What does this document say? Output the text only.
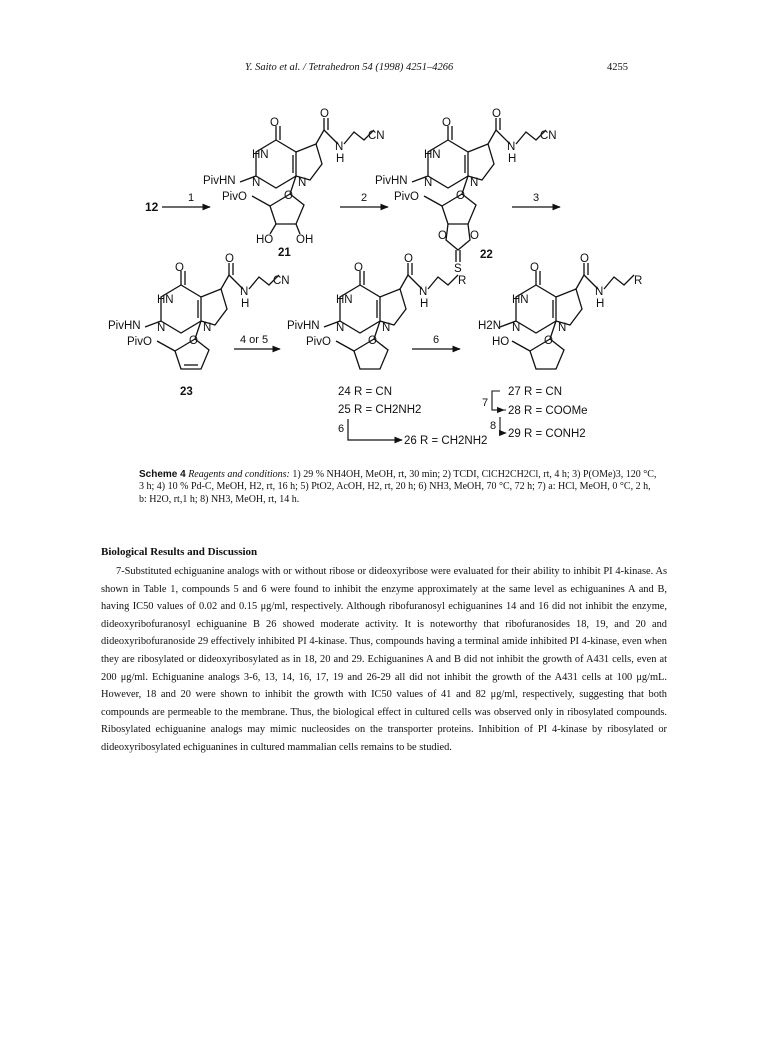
Y. Saito et al. / Tetrahedron 54 (1998) 4251–4266	4255
O
O
HN
PivHN N	N
N
H
CN
PivO	O
HO OH
21
12
1	2
O
O
HN
PivHN N	N
N
H
CN
PivO	O
O O
S
22
3
O
O
HN
PivHN N	N
N
H
CN
PivO	O
23
4 or 5
O
O
HN
PivHN N	N
N
H
R
PivO	O
24 R = CN
25 R = CH2NH2
6
26 R = CH2NH2
6
O
O
HN
H2N N	N
N
H
R
HO	O
27 R = CN
7
28 R = COOMe
8
29 R = CONH2
Scheme 4 Reagents and conditions: 1) 29 % NH4OH, MeOH, rt, 30 min; 2) TCDI, ClCH2CH2Cl, rt, 4 h; 3) P(OMe)3, 120 °C, 3 h; 4) 10 % Pd-C, MeOH, H2, rt, 16 h; 5) PtO2, AcOH, H2, rt, 20 h; 6) NH3, MeOH, 70 °C, 72 h; 7) a: HCl, MeOH, 0 °C, 2 h, b: H2O, rt,1 h; 8) NH3, MeOH, rt, 14 h.
Biological Results and Discussion
7-Substituted echiguanine analogs with or without ribose or dideoxyribose were evaluated for their ability to inhibit PI 4-kinase. As shown in Table 1, compounds 5 and 6 were found to inhibit the enzyme approximately at the same level as echiguanines A and B, having IC50 values of 0.02 and 0.15 μg/ml, respectively. Although ribofuranosyl echiguanines 14 and 16 did not inhibit the enzyme, dideoxyribofuranosyl echiguanine B 26 showed moderate activity. It is noteworthy that ribofuranosides 18, 19, and 20 and dideoxyribofuranoside 29 effectively inhibited PI 4-kinase. Thus, compounds having a terminal amide inhibited PI 4-kinase, even when they are ribosylated or dideoxyribosylated as in 18, 20 and 29. Echiguanines A and B did not inhibit the growth of A431 cells, even at 200 μg/ml. Echiguanine analogs 3-6, 13, 14, 16, 17, 19 and 26-29 all did not inhibit the growth of the A431 cells at 100 μg/mL. However, 18 and 20 were shown to inhibit the growth with IC50 values of 41 and 82 μg/ml, respectively, suggesting that both compounds are permeable to the membrane. Thus, the biological effect in cultured cells was observed only in ribosylated compounds. Ribosylated echiguanine analogs may mimic nucleosides on the transporter proteins. Inhibition of PI 4-kinase by ribosylated or dideoxyribosylated echiguanines in cultured mammalian cells remains to be studied.
